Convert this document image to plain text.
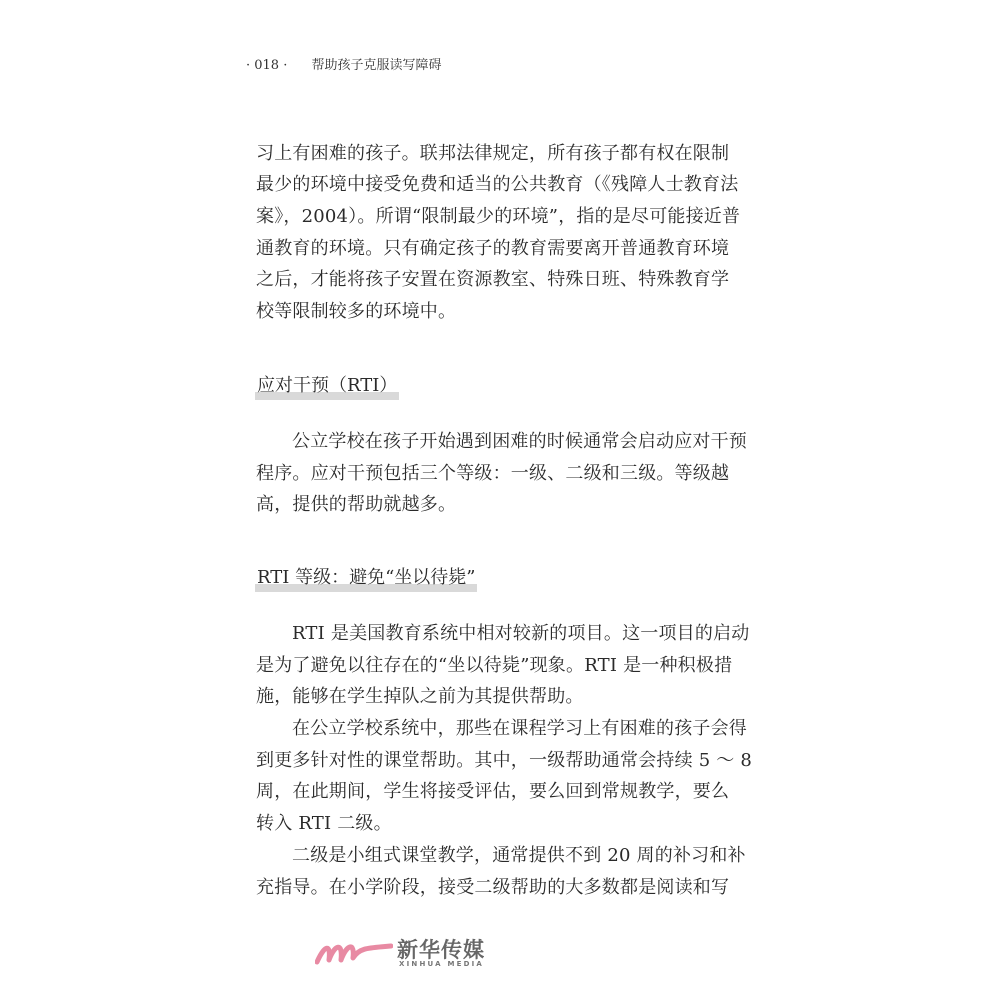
· 018 · 帮助孩子克服读写障碍
习上有困难的孩子。联邦法律规定，所有孩子都有权在限制
最少的环境中接受免费和适当的公共教育（《残障人士教育法
案》，2004）。所谓“限制最少的环境”，指的是尽可能接近普
通教育的环境。只有确定孩子的教育需要离开普通教育环境
之后，才能将孩子安置在资源教室、特殊日班、特殊教育学
校等限制较多的环境中。
应对干预（RTI）
公立学校在孩子开始遇到困难的时候通常会启动应对干预
程序。应对干预包括三个等级：一级、二级和三级。等级越
高，提供的帮助就越多。
RTI 等级：避免“坐以待毙”
RTI 是美国教育系统中相对较新的项目。这一项目的启动
是为了避免以往存在的“坐以待毙”现象。RTI 是一种积极措
施，能够在学生掉队之前为其提供帮助。
在公立学校系统中，那些在课程学习上有困难的孩子会得
到更多针对性的课堂帮助。其中，一级帮助通常会持续 5 ～ 8
周，在此期间，学生将接受评估，要么回到常规教学，要么
转入 RTI 二级。
二级是小组式课堂教学，通常提供不到 20 周的补习和补
充指导。在小学阶段，接受二级帮助的大多数都是阅读和写
新华传媒
XINHUA MEDIA
